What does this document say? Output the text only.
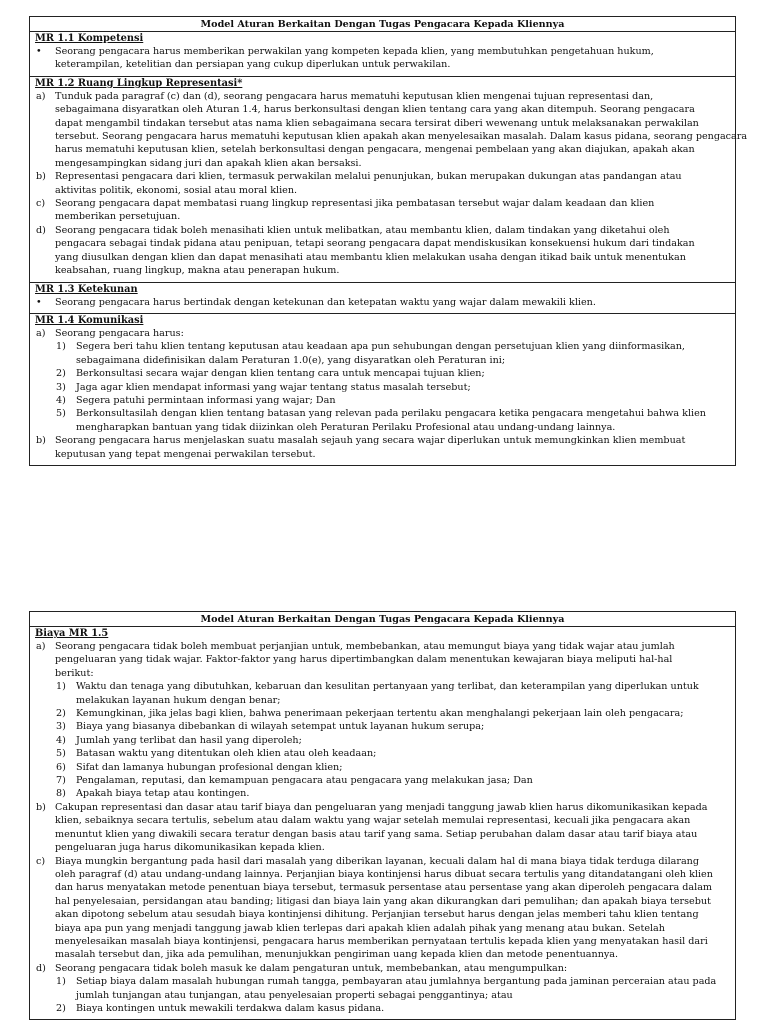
Model Aturan Berkaitan Dengan Tugas Pengacara Kepada Kliennya
MR 1.1 Kompetensi
• Seorang pengacara harus memberikan perwakilan yang kompeten kepada klien, yang membutuhkan pengetahuan hukum,
keterampilan, ketelitian dan persiapan yang cukup diperlukan untuk perwakilan.
MR 1.2 Ruang Lingkup Representasi*
a) Tunduk pada paragraf (c) dan (d), seorang pengacara harus mematuhi keputusan klien mengenai tujuan representasi dan,
sebagaimana disyaratkan oleh Aturan 1.4, harus berkonsultasi dengan klien tentang cara yang akan ditempuh. Seorang pengacara
dapat mengambil tindakan tersebut atas nama klien sebagaimana secara tersirat diberi wewenang untuk melaksanakan perwakilan
tersebut. Seorang pengacara harus mematuhi keputusan klien apakah akan menyelesaikan masalah. Dalam kasus pidana, seorang pengacara
harus mematuhi keputusan klien, setelah berkonsultasi dengan pengacara, mengenai pembelaan yang akan diajukan, apakah akan
mengesampingkan sidang juri dan apakah klien akan bersaksi.
b) Representasi pengacara dari klien, termasuk perwakilan melalui penunjukan, bukan merupakan dukungan atas pandangan atau
aktivitas politik, ekonomi, sosial atau moral klien.
c) Seorang pengacara dapat membatasi ruang lingkup representasi jika pembatasan tersebut wajar dalam keadaan dan klien
memberikan persetujuan.
d) Seorang pengacara tidak boleh menasihati klien untuk melibatkan, atau membantu klien, dalam tindakan yang diketahui oleh
pengacara sebagai tindak pidana atau penipuan, tetapi seorang pengacara dapat mendiskusikan konsekuensi hukum dari tindakan
yang diusulkan dengan klien dan dapat menasihati atau membantu klien melakukan usaha dengan itikad baik untuk menentukan
keabsahan, ruang lingkup, makna atau penerapan hukum.
MR 1.3 Ketekunan
• Seorang pengacara harus bertindak dengan ketekunan dan ketepatan waktu yang wajar dalam mewakili klien.
MR 1.4 Komunikasi
a) Seorang pengacara harus:
1) Segera beri tahu klien tentang keputusan atau keadaan apa pun sehubungan dengan persetujuan klien yang diinformasikan,
sebagaimana didefinisikan dalam Peraturan 1.0(e), yang disyaratkan oleh Peraturan ini;
2) Berkonsultasi secara wajar dengan klien tentang cara untuk mencapai tujuan klien;
3) Jaga agar klien mendapat informasi yang wajar tentang status masalah tersebut;
4) Segera patuhi permintaan informasi yang wajar; Dan
5) Berkonsultasilah dengan klien tentang batasan yang relevan pada perilaku pengacara ketika pengacara mengetahui bahwa klien
mengharapkan bantuan yang tidak diizinkan oleh Peraturan Perilaku Profesional atau undang-undang lainnya.
b) Seorang pengacara harus menjelaskan suatu masalah sejauh yang secara wajar diperlukan untuk memungkinkan klien membuat
keputusan yang tepat mengenai perwakilan tersebut.
Model Aturan Berkaitan Dengan Tugas Pengacara Kepada Kliennya
Biaya MR 1.5
a) Seorang pengacara tidak boleh membuat perjanjian untuk, membebankan, atau memungut biaya yang tidak wajar atau jumlah
pengeluaran yang tidak wajar. Faktor-faktor yang harus dipertimbangkan dalam menentukan kewajaran biaya meliputi hal-hal
berikut:
1) Waktu dan tenaga yang dibutuhkan, kebaruan dan kesulitan pertanyaan yang terlibat, dan keterampilan yang diperlukan untuk
melakukan layanan hukum dengan benar;
2) Kemungkinan, jika jelas bagi klien, bahwa penerimaan pekerjaan tertentu akan menghalangi pekerjaan lain oleh pengacara;
3) Biaya yang biasanya dibebankan di wilayah setempat untuk layanan hukum serupa;
4) Jumlah yang terlibat dan hasil yang diperoleh;
5) Batasan waktu yang ditentukan oleh klien atau oleh keadaan;
6) Sifat dan lamanya hubungan profesional dengan klien;
7) Pengalaman, reputasi, dan kemampuan pengacara atau pengacara yang melakukan jasa; Dan
8) Apakah biaya tetap atau kontingen.
b) Cakupan representasi dan dasar atau tarif biaya dan pengeluaran yang menjadi tanggung jawab klien harus dikomunikasikan kepada
klien, sebaiknya secara tertulis, sebelum atau dalam waktu yang wajar setelah memulai representasi, kecuali jika pengacara akan
menuntut klien yang diwakili secara teratur dengan basis atau tarif yang sama. Setiap perubahan dalam dasar atau tarif biaya atau
pengeluaran juga harus dikomunikasikan kepada klien.
c) Biaya mungkin bergantung pada hasil dari masalah yang diberikan layanan, kecuali dalam hal di mana biaya tidak terduga dilarang
oleh paragraf (d) atau undang-undang lainnya. Perjanjian biaya kontinjensi harus dibuat secara tertulis yang ditandatangani oleh klien
dan harus menyatakan metode penentuan biaya tersebut, termasuk persentase atau persentase yang akan diperoleh pengacara dalam
hal penyelesaian, persidangan atau banding; litigasi dan biaya lain yang akan dikurangkan dari pemulihan; dan apakah biaya tersebut
akan dipotong sebelum atau sesudah biaya kontinjensi dihitung. Perjanjian tersebut harus dengan jelas memberi tahu klien tentang
biaya apa pun yang menjadi tanggung jawab klien terlepas dari apakah klien adalah pihak yang menang atau bukan. Setelah
menyelesaikan masalah biaya kontinjensi, pengacara harus memberikan pernyataan tertulis kepada klien yang menyatakan hasil dari
masalah tersebut dan, jika ada pemulihan, menunjukkan pengiriman uang kepada klien dan metode penentuannya.
d) Seorang pengacara tidak boleh masuk ke dalam pengaturan untuk, membebankan, atau mengumpulkan:
1) Setiap biaya dalam masalah hubungan rumah tangga, pembayaran atau jumlahnya bergantung pada jaminan perceraian atau pada
jumlah tunjangan atau tunjangan, atau penyelesaian properti sebagai penggantinya; atau
2) Biaya kontingen untuk mewakili terdakwa dalam kasus pidana.
